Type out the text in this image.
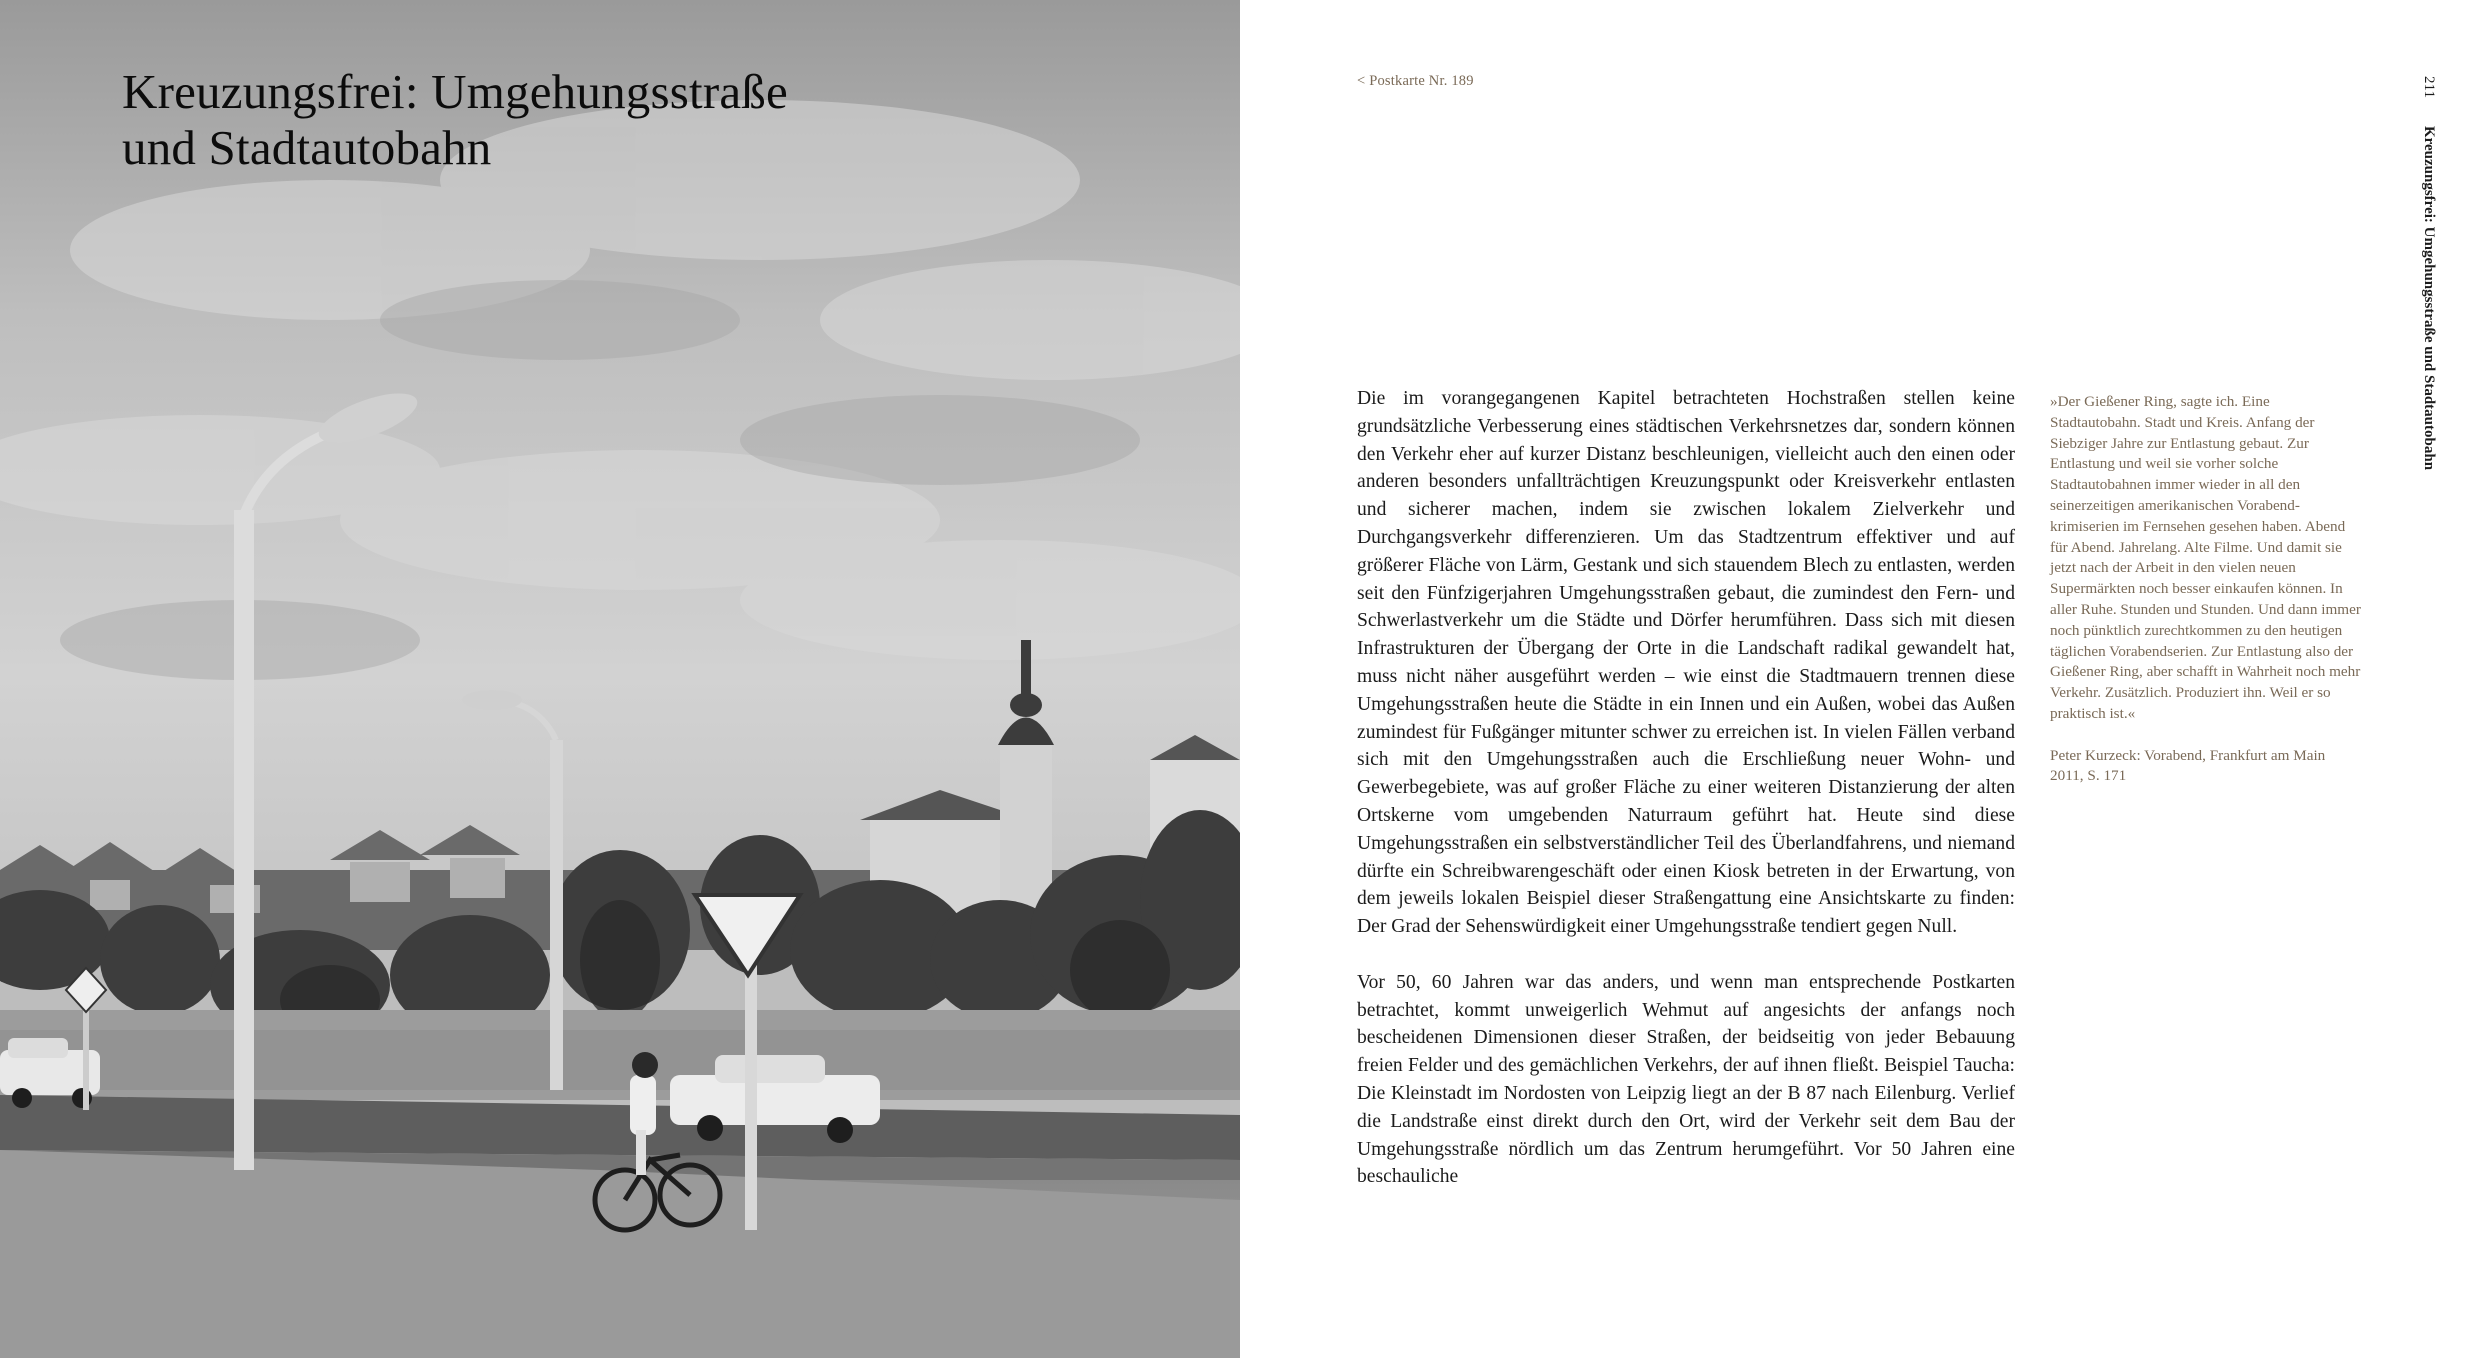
Kreuzungsfrei: Umgehungsstraße
und Stadtautobahn
< Postkarte Nr. 189	211
Kreuzungsfrei: Umgehungsstraße und Stadtautobahn

Die im vorangegangenen Kapitel betrachteten Hochstraßen stellen keine grundsätzliche Verbesserung eines städtischen Verkehrsnetzes dar, sondern können den Verkehr eher auf kurzer Distanz beschleunigen, vielleicht auch den einen oder anderen besonders unfallträchtigen Kreuzungspunkt oder Kreisverkehr entlasten und sicherer machen, indem sie zwischen lokalem Zielverkehr und Durchgangsverkehr differenzieren. Um das Stadtzentrum effektiver und auf größerer Fläche von Lärm, Gestank und sich stauendem Blech zu entlasten, werden seit den Fünfzigerjahren Umgehungsstraßen gebaut, die zumindest den Fern- und Schwerlastverkehr um die Städte und Dörfer herumführen. Dass sich mit diesen Infrastrukturen der Übergang der Orte in die Landschaft radikal gewandelt hat, muss nicht näher ausgeführt werden – wie einst die Stadtmauern trennen diese Umgehungsstraßen heute die Städte in ein Innen und ein Außen, wobei das Außen zumindest für Fußgänger mitunter schwer zu erreichen ist. In vielen Fällen verband sich mit den Umgehungsstraßen auch die Erschließung neuer Wohn- und Gewerbegebiete, was auf großer Fläche zu einer weiteren Distanzierung der alten Ortskerne vom umgebenden Naturraum geführt hat. Heute sind diese Umgehungsstraßen ein selbstverständlicher Teil des Überlandfahrens, und niemand dürfte ein Schreibwarengeschäft oder einen Kiosk betreten in der Erwartung, von dem jeweils lokalen Beispiel dieser Straßengattung eine Ansichtskarte zu finden: Der Grad der Sehenswürdigkeit einer Umgehungsstraße tendiert gegen Null.

Vor 50, 60 Jahren war das anders, und wenn man entsprechende Postkarten betrachtet, kommt unweigerlich Wehmut auf angesichts der anfangs noch bescheidenen Dimensionen dieser Straßen, der beidseitig von jeder Bebauung freien Felder und des gemächlichen Verkehrs, der auf ihnen fließt. Beispiel Taucha: Die Kleinstadt im Nordosten von Leipzig liegt an der B 87 nach Eilenburg. Verlief die Landstraße einst direkt durch den Ort, wird der Verkehr seit dem Bau der Umgehungsstraße nördlich um das Zentrum herumgeführt. Vor 50 Jahren eine beschauliche

»Der Gießener Ring, sagte ich. Eine Stadtautobahn. Stadt und Kreis. Anfang der Siebziger Jahre zur Entlastung gebaut. Zur Entlastung und weil sie vorher solche Stadtautobahnen immer wieder in all den seinerzeitigen amerikanischen Vorabendkrimiserien im Fernsehen gesehen haben. Abend für Abend. Jahrelang. Alte Filme. Und damit sie jetzt nach der Arbeit in den vielen neuen Supermärkten noch besser einkaufen können. In aller Ruhe. Stunden und Stunden. Und dann immer noch pünktlich zurechtkommen zu den heutigen täglichen Vorabendserien. Zur Entlastung also der Gießener Ring, aber schafft in Wahrheit noch mehr Verkehr. Zusätzlich. Produziert ihn. Weil er so praktisch ist.«

Peter Kurzeck: Vorabend, Frankfurt am Main 2011, S. 171
